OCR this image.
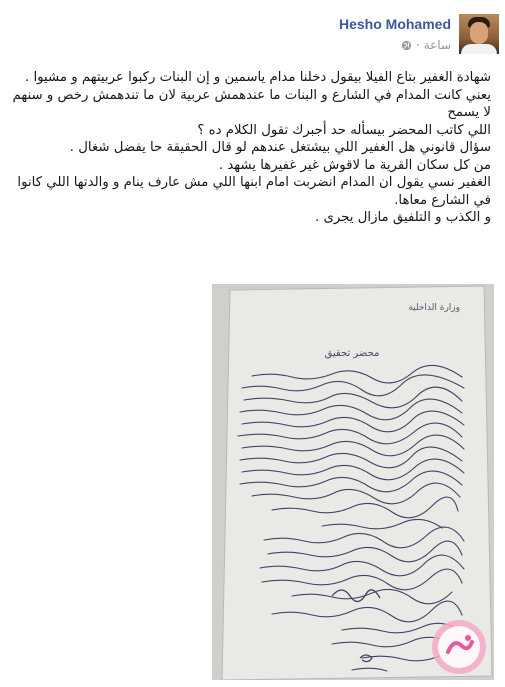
Hesho Mohamed
ساعة
·

شهادة الغفير بتاع الفيلا بيقول دخلنا مدام ياسمين و إن البنات ركبوا عربيتهم و مشيوا .

يعني كانت المدام في الشارع و البنات ما عندهمش عربية لان ما تندهمش رخص و سنهم لا يسمح

اللي كاتب المحضر بيسأله حد أجبرك تقول الكلام ده ؟

سؤال قانوني هل الغفير اللي بيشتغل عندهم لو قال الحقيقة حا يفضل شغال .

من كل سكان القرية ما لاقوش غير غفيرها يشهد .

الغفير نسي يقول ان المدام انضربت امام ابنها اللي مش عارف ينام و والدتها اللي كانوا في الشارع معاها.

و الكذب و التلفيق مازال يجرى .

وزارة الداخلية
محضر تحقيق
